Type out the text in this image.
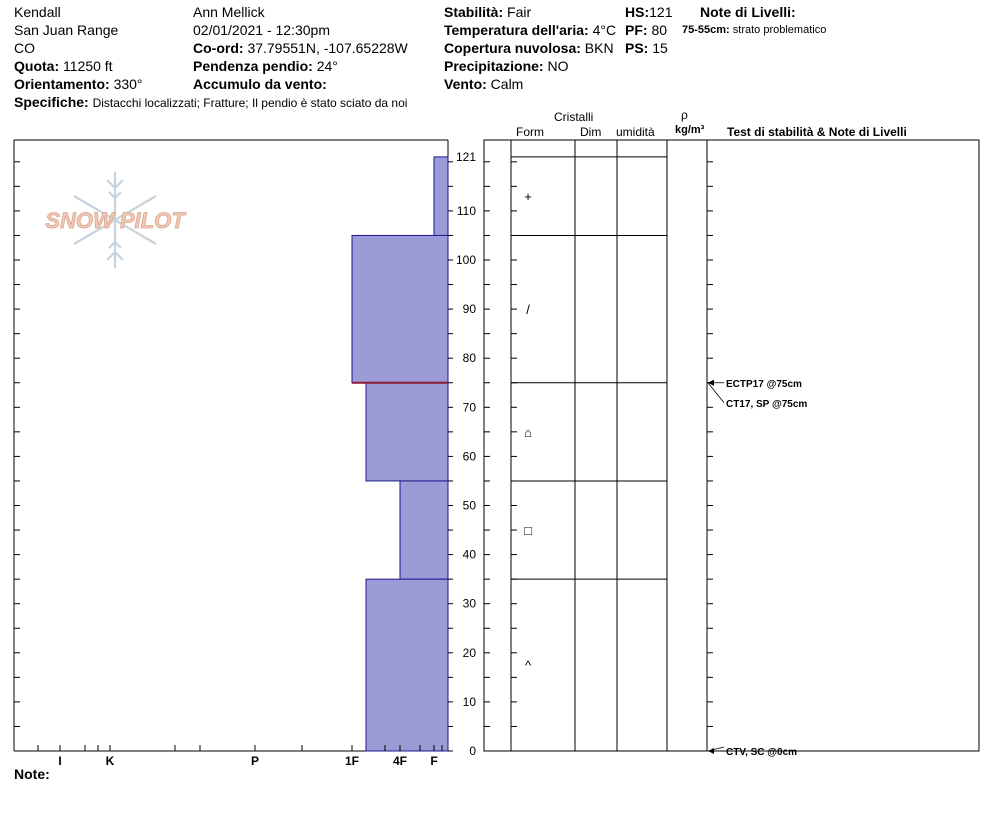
Kendall
San Juan Range
CO
Quota: 11250 ft
Orientamento: 330°
Specifiche: Distacchi localizzati; Fratture; Il pendio è stato sciato da noi
Ann Mellick
02/01/2021 - 12:30pm
Co-ord: 37.79551N, -107.65228W
Pendenza pendio: 24°
Accumulo da vento:
Stabilità: Fair
Temperatura dell'aria: 4°C
Copertura nuvolosa: BKN
Precipitazione: NO
Vento: Calm
HS:121
PF: 80
PS: 15
Note di Livelli:
75-55cm: strato problematico
Cristalli
Form	Dim umidità
ρ
kg/m³ Test di stabilità & Note di Livelli
Note:
SNOW PILOT
0
10
20
30
40
50
60
70
80
90
100
110
121
I	K	P	1F	4F F
+
/
⌂
□
^
ECTP17 @75cm
CT17, SP @75cm
CTV, SC @0cm
